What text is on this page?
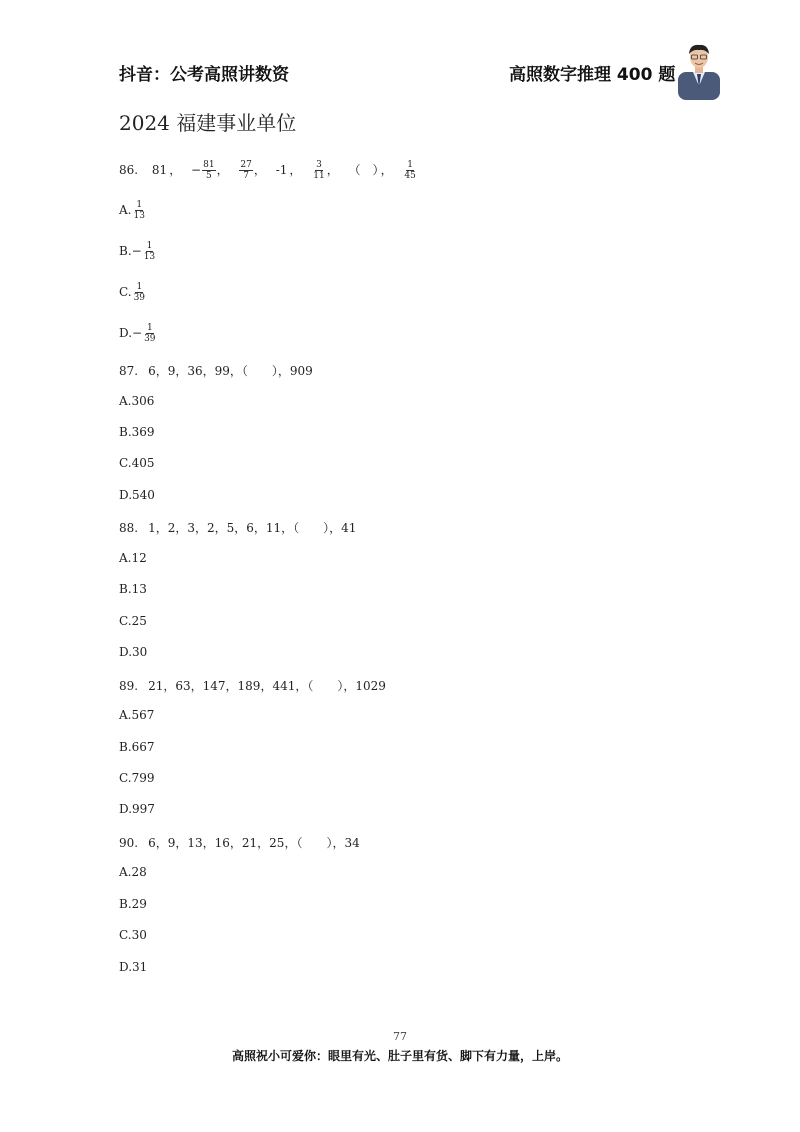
抖音：公考高照讲数资	高照数字推理 400 题
2024 福建事业单位
86. 81 ， − $\frac{81}{5}$ ， $\frac{27}{7}$ ， -1 ， $\frac{3}{11}$ ， （　） ， $\frac{1}{45}$
A. $\frac{1}{13}$
$B.- \frac{1}{13}$
C. $\frac{1}{39}$
$D.- \frac{1}{39}$
87. 6，9，36，99，（　　），909
A.306
B.369
C.405
D.540
88. 1，2，3，2，5，6，11，（　　），41
A.12
B.13
C.25
D.30
89. 21，63，147，189，441，（　　），1029
A.567
B.667
C.799
D.997
90. 6，9，13，16，21，25，（　　），34
A.28
B.29
C.30
D.31
77
高照祝小可爱你：眼里有光、肚子里有货、脚下有力量，上岸。
